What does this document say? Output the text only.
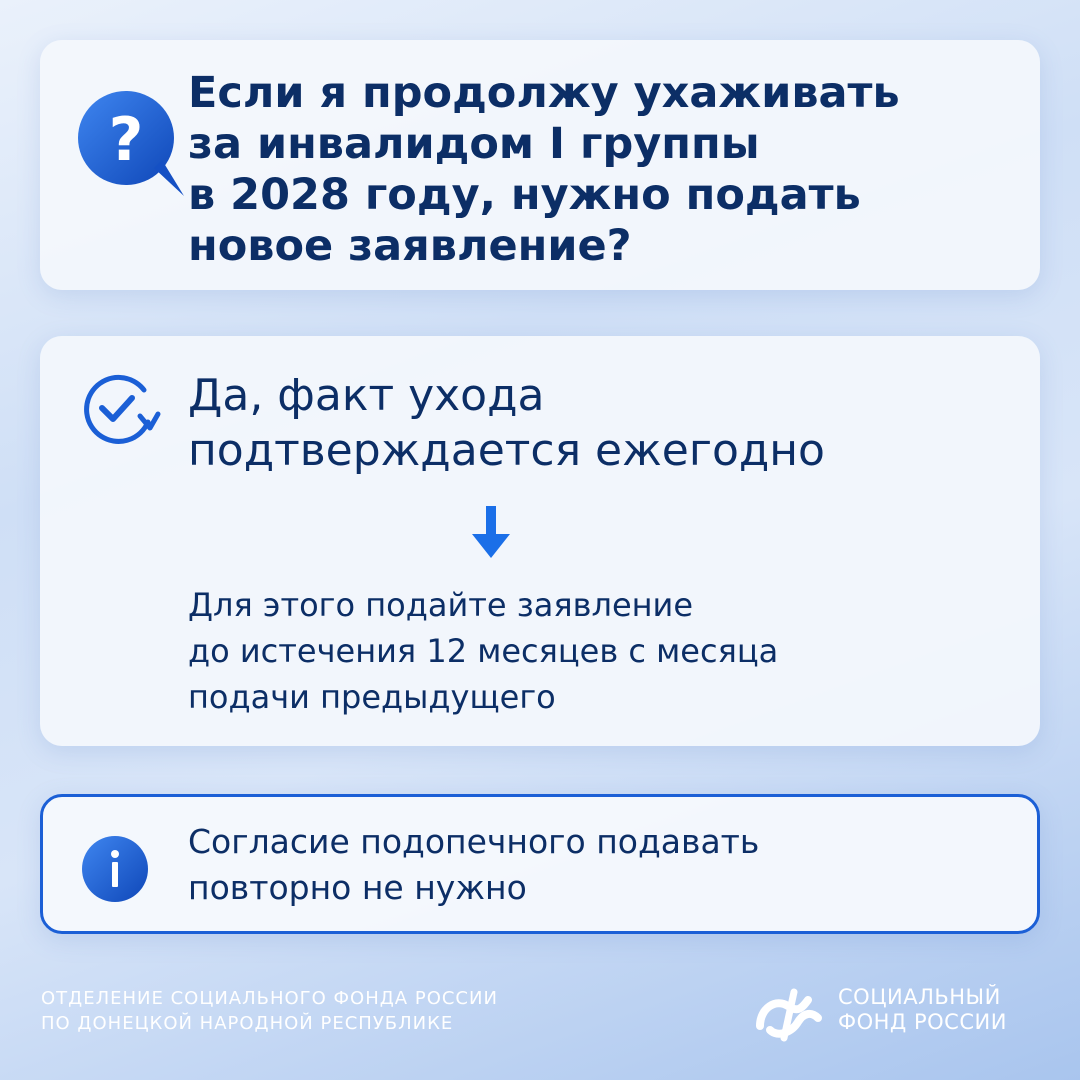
?

Если я продолжу ухаживать
за инвалидом I группы
в 2028 году, нужно подать
новое заявление?

Да, факт ухода
подтверждается ежегодно

Для этого подайте заявление
до истечения 12 месяцев с месяца
подачи предыдущего

Согласие подопечного подавать
повторно не нужно

ОТДЕЛЕНИЕ СОЦИАЛЬНОГО ФОНДА РОССИИ
ПО ДОНЕЦКОЙ НАРОДНОЙ РЕСПУБЛИКЕ
СОЦИАЛЬНЫЙ
ФОНД РОССИИ
